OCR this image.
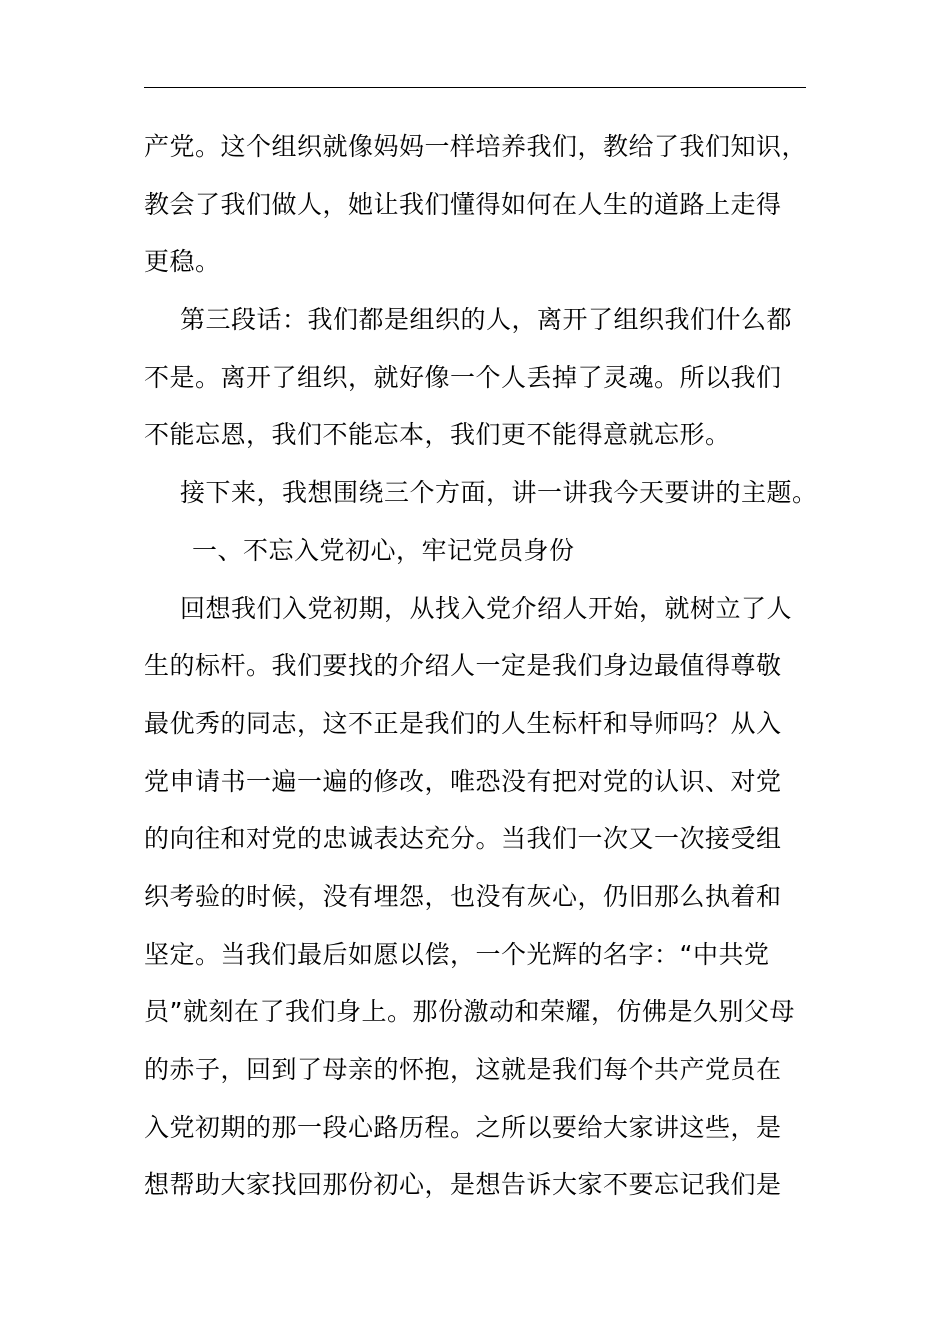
产党。这个组织就像妈妈一样培养我们，教给了我们知识，
教会了我们做人，她让我们懂得如何在人生的道路上走得
更稳。
第三段话：我们都是组织的人，离开了组织我们什么都
不是。离开了组织，就好像一个人丢掉了灵魂。所以我们
不能忘恩，我们不能忘本，我们更不能得意就忘形。
接下来，我想围绕三个方面，讲一讲我今天要讲的主题。
一、不忘入党初心，牢记党员身份
回想我们入党初期，从找入党介绍人开始，就树立了人
生的标杆。我们要找的介绍人一定是我们身边最值得尊敬
最优秀的同志，这不正是我们的人生标杆和导师吗？从入
党申请书一遍一遍的修改，唯恐没有把对党的认识、对党
的向往和对党的忠诚表达充分。当我们一次又一次接受组
织考验的时候，没有埋怨，也没有灰心，仍旧那么执着和
坚定。当我们最后如愿以偿，一个光辉的名字：“中共党
员”就刻在了我们身上。那份激动和荣耀，仿佛是久别父母
的赤子，回到了母亲的怀抱，这就是我们每个共产党员在
入党初期的那一段心路历程。之所以要给大家讲这些，是
想帮助大家找回那份初心，是想告诉大家不要忘记我们是
